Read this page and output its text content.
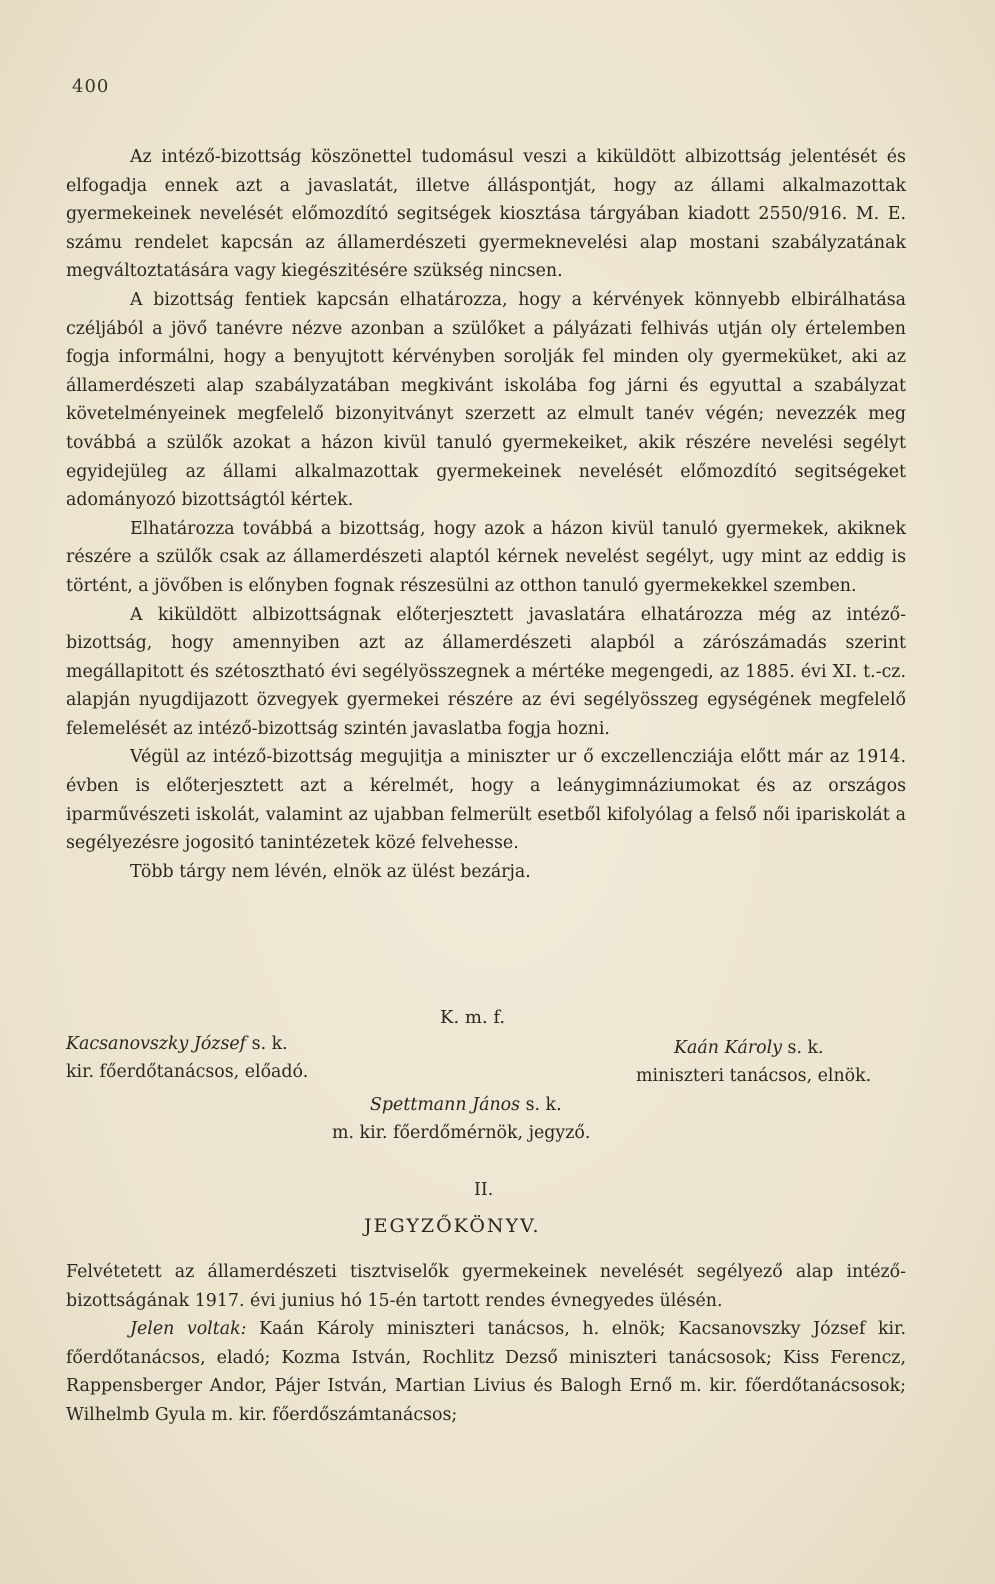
400

Az intéző-bizottság köszönettel tudomásul veszi a kiküldött albizottság jelentését és elfogadja ennek azt a javaslatát, illetve álláspontját, hogy az állami alkalmazottak gyermekeinek nevelését előmozdító segitségek kiosztása tárgyában kiadott 2550/916. M. E. számu rendelet kapcsán az államerdészeti gyermeknevelési alap mostani szabályzatának megváltoztatására vagy kiegészitésére szükség nincsen.

A bizottság fentiek kapcsán elhatározza, hogy a kérvények könnyebb elbirálhatása czéljából a jövő tanévre nézve azonban a szülőket a pályázati felhivás utján oly értelemben fogja informálni, hogy a benyujtott kérvényben sorolják fel minden oly gyermeküket, aki az államerdészeti alap szabályzatában megkivánt iskolába fog járni és egyuttal a szabályzat követelményeinek megfelelő bizonyitványt szerzett az elmult tanév végén; nevezzék meg továbbá a szülők azokat a házon kivül tanuló gyermekeiket, akik részére nevelési segélyt egyidejüleg az állami alkalmazottak gyermekeinek nevelését előmozdító segitségeket adományozó bizottságtól kértek.

Elhatározza továbbá a bizottság, hogy azok a házon kivül tanuló gyermekek, akiknek részére a szülők csak az államerdészeti alaptól kérnek nevelést segélyt, ugy mint az eddig is történt, a jövőben is előnyben fognak részesülni az otthon tanuló gyermekekkel szemben.

A kiküldött albizottságnak előterjesztett javaslatára elhatározza még az intéző-bizottság, hogy amennyiben azt az államerdészeti alapból a zárószámadás szerint megállapitott és szétosztható évi segélyösszegnek a mértéke megengedi, az 1885. évi XI. t.-cz. alapján nyugdijazott özvegyek gyermekei részére az évi segélyösszeg egységének megfelelő felemelését az intéző-bizottság szintén javaslatba fogja hozni.

Végül az intéző-bizottság megujitja a miniszter ur ő exczellencziája előtt már az 1914. évben is előterjesztett azt a kérelmét, hogy a leánygimnáziumokat és az országos iparművészeti iskolát, valamint az ujabban felmerült esetből kifolyólag a felső női ipariskolát a segélyezésre jogositó tanintézetek közé felvehesse.

Több tárgy nem lévén, elnök az ülést bezárja.

K. m. f.
Kacsanovszky József s. k.
kir. főerdőtanácsos, előadó.
Kaán Károly s. k.
miniszteri tanácsos, elnök.
Spettmann János s. k.
m. kir. főerdőmérnök, jegyző.
II.
JEGYZŐKÖNYV.

Felvétetett az államerdészeti tisztviselők gyermekeinek nevelését segélyező alap intéző-bizottságának 1917. évi junius hó 15-én tartott rendes évnegyedes ülésén.

Jelen voltak: Kaán Károly miniszteri tanácsos, h. elnök; Kacsanovszky József kir. főerdőtanácsos, eladó; Kozma István, Rochlitz Dezső miniszteri tanácsosok; Kiss Ferencz, Rappensberger Andor, Pájer István, Martian Livius és Balogh Ernő m. kir. főerdőtanácsosok; Wilhelmb Gyula m. kir. főerdőszámtanácsos;
